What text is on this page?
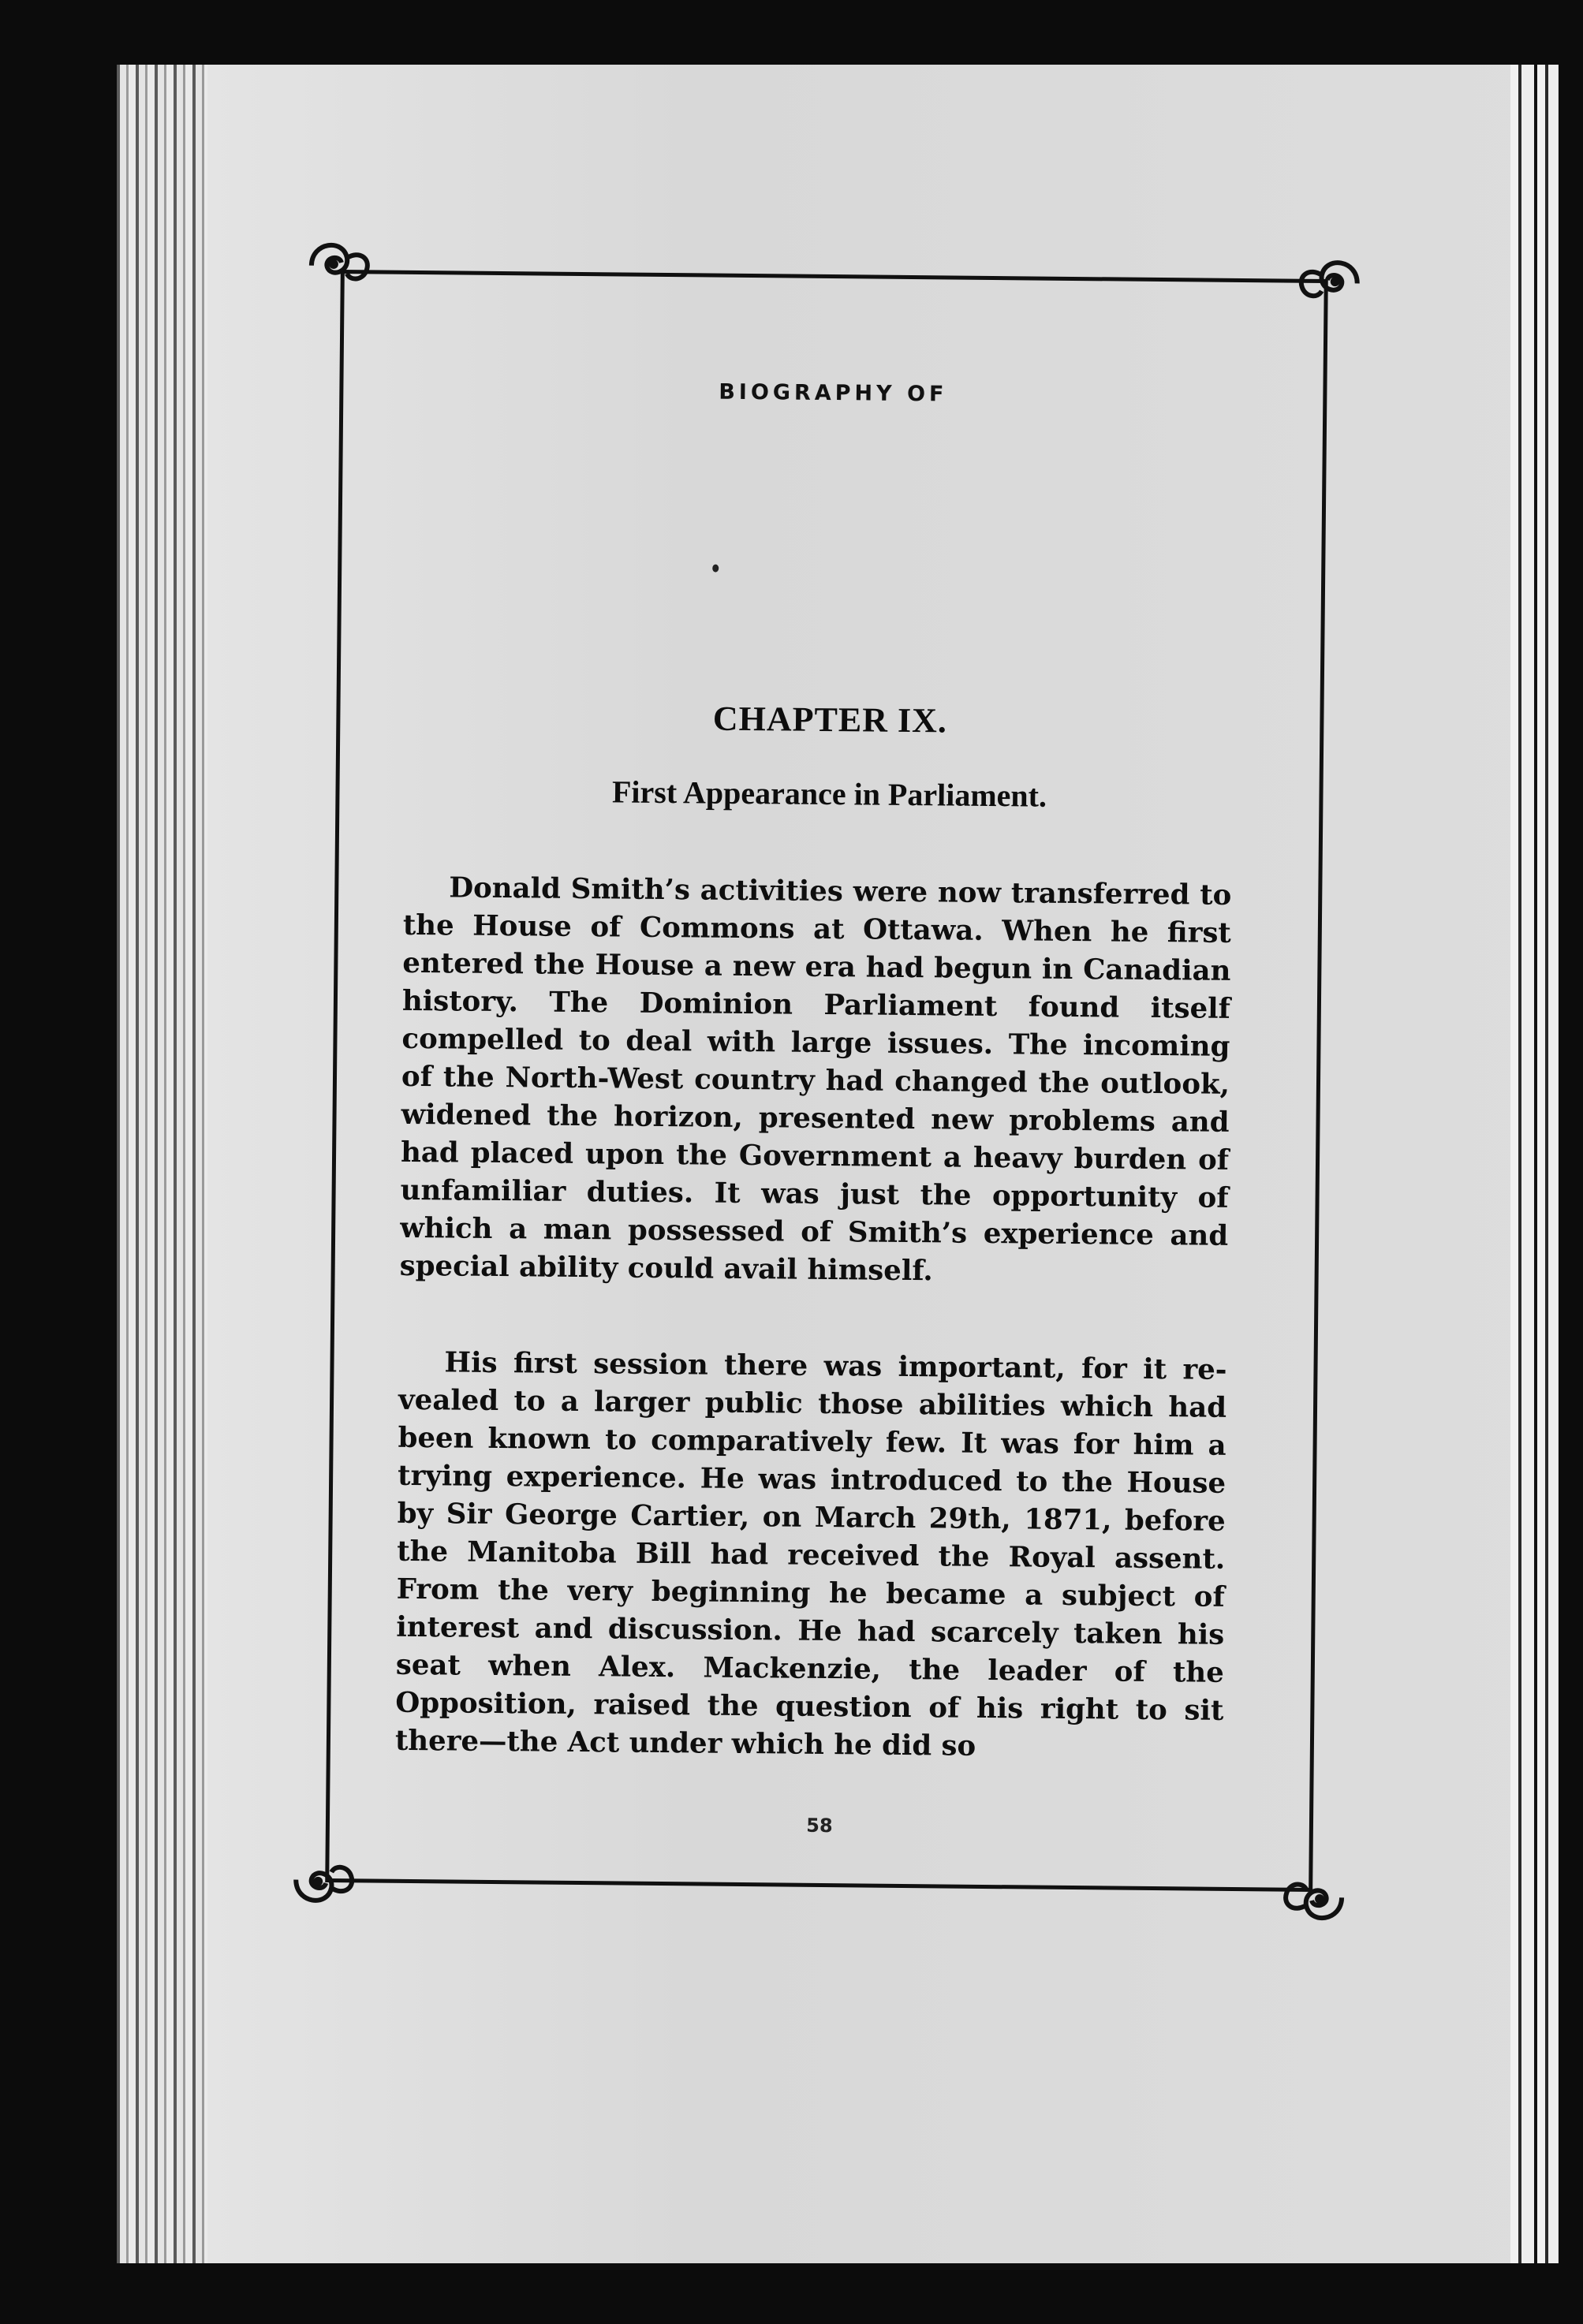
BIOGRAPHY OF
CHAPTER IX.
First Appearance in Parliament.

Donald Smith’s activities were now transferred to the House of Commons at Ottawa. When he first entered the House a new era had begun in Canadian history. The Dominion Parliament found itself compelled to deal with large issues. The incoming of the North-West country had changed the outlook, widened the horizon, presented new problems and had placed upon the Government a heavy burden of unfamiliar duties. It was just the opportunity of which a man possessed of Smith’s experience and special ability could avail himself.

His first session there was important, for it revealed to a larger public those abilities which had been known to comparatively few. It was for him a trying experience. He was introduced to the House by Sir George Cartier, on March 29th, 1871, before the Manitoba Bill had received the Royal assent. From the very beginning he became a subject of interest and discussion. He had scarcely taken his seat when Alex. Mackenzie, the leader of the Opposition, raised the question of his right to sit there—the Act under which he did so

58
